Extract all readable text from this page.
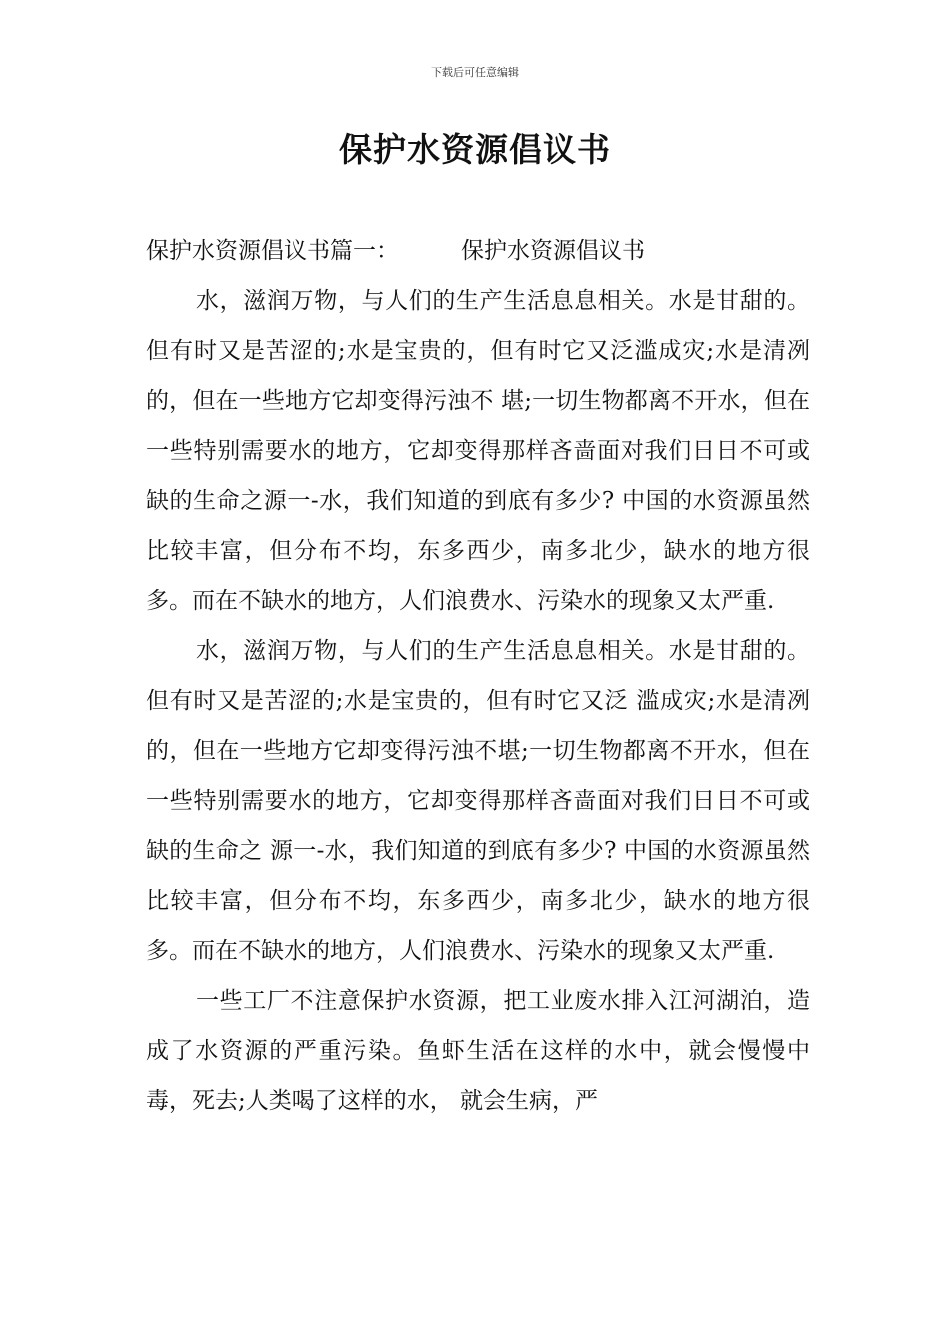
下载后可任意编辑
保护水资源倡议书

保护水资源倡议书篇一：	保护水资源倡议书

水，滋润万物，与人们的生产生活息息相关。水是甘甜的。但有时又是苦涩的;水是宝贵的，但有时它又泛滥成灾;水是清冽的，但在一些地方它却变得污浊不 堪;一切生物都离不开水，但在一些特别需要水的地方，它却变得那样吝啬面对我们日日不可或缺的生命之源一-水，我们知道的到底有多少? 中国的水资源虽然比较丰富，但分布不均，东多西少，南多北少，缺水的地方很多。而在不缺水的地方，人们浪费水、污染水的现象又太严重.

水，滋润万物，与人们的生产生活息息相关。水是甘甜的。但有时又是苦涩的;水是宝贵的，但有时它又泛 滥成灾;水是清冽的，但在一些地方它却变得污浊不堪;一切生物都离不开水，但在一些特别需要水的地方，它却变得那样吝啬面对我们日日不可或缺的生命之 源一-水，我们知道的到底有多少? 中国的水资源虽然比较丰富，但分布不均，东多西少，南多北少，缺水的地方很多。而在不缺水的地方，人们浪费水、污染水的现象又太严重.

一些工厂不注意保护水资源，把工业废水排入江河湖泊，造成了水资源的严重污染。鱼虾生活在这样的水中，就会慢慢中毒，死去;人类喝了这样的水， 就会生病，严
